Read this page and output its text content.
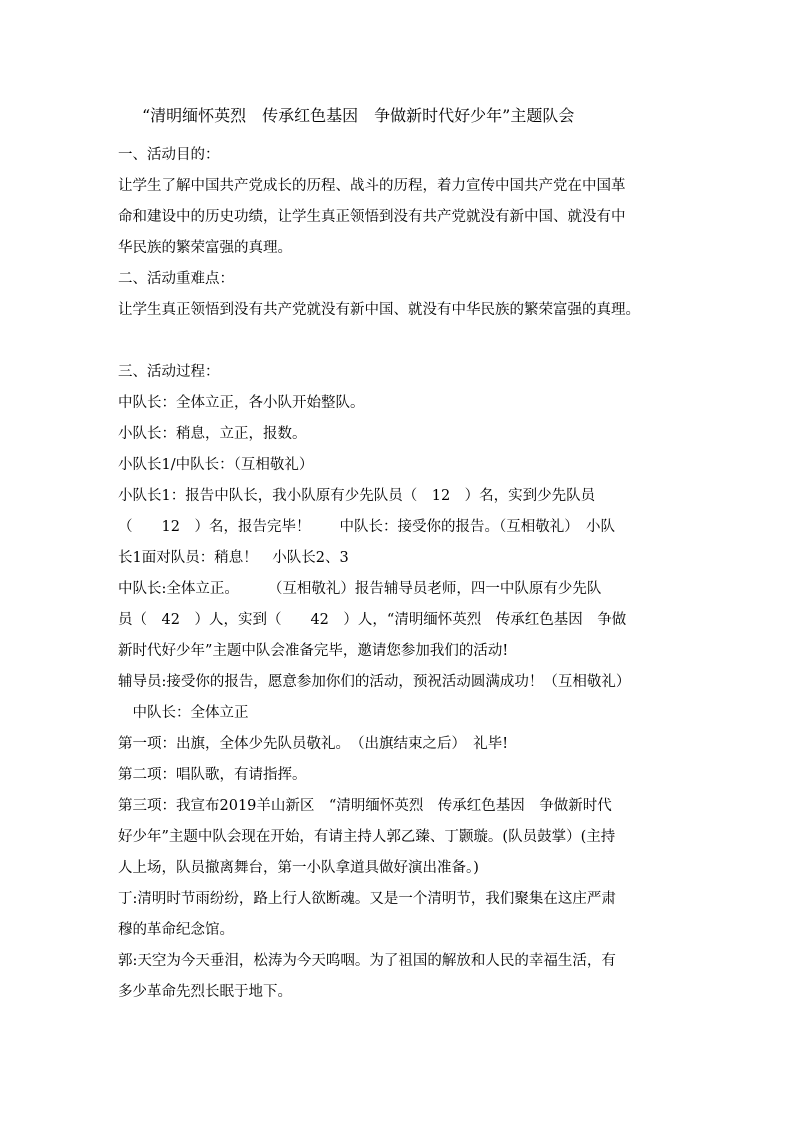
“清明缅怀英烈　传承红色基因　争做新时代好少年”主题队会
一、活动目的：
让学生了解中国共产党成长的历程、战斗的历程，着力宣传中国共产党在中国革
命和建设中的历史功绩，让学生真正领悟到没有共产党就没有新中国、就没有中
华民族的繁荣富强的真理。
二、活动重难点：
让学生真正领悟到没有共产党就没有新中国、就没有中华民族的繁荣富强的真理。
三、活动过程：
中队长：全体立正，各小队开始整队。
小队长：稍息，立正，报数。
小队长1/中队长：（互相敬礼）
小队长1：报告中队长，我小队原有少先队员（　12　）名，实到少先队员
（　　12　）名，报告完毕！　　中队长：接受你的报告。（互相敬礼）　小队
长1面对队员：稍息！　小队长2、3
中队长:全体立正。　　　（互相敬礼）报告辅导员老师，四一中队原有少先队
员（　42　）人，实到（　　42　）人，“清明缅怀英烈　传承红色基因　争做
新时代好少年”主题中队会准备完毕，邀请您参加我们的活动!
辅导员:接受你的报告，愿意参加你们的活动，预祝活动圆满成功！（互相敬礼）
　中队长：全体立正
第一项：出旗，全体少先队员敬礼。　（出旗结束之后）　礼毕!
第二项：唱队歌，有请指挥。
第三项：我宣布2019羊山新区　“清明缅怀英烈　传承红色基因　争做新时代
好少年”主题中队会现在开始，有请主持人郭乙臻、丁颢璇。(队员鼓掌）(主持
人上场，队员撤离舞台，第一小队拿道具做好演出准备。)
丁:清明时节雨纷纷，路上行人欲断魂。又是一个清明节，我们聚集在这庄严肃
穆的革命纪念馆。
郭:天空为今天垂泪，松涛为今天呜咽。为了祖国的解放和人民的幸福生活，有
多少革命先烈长眠于地下。
